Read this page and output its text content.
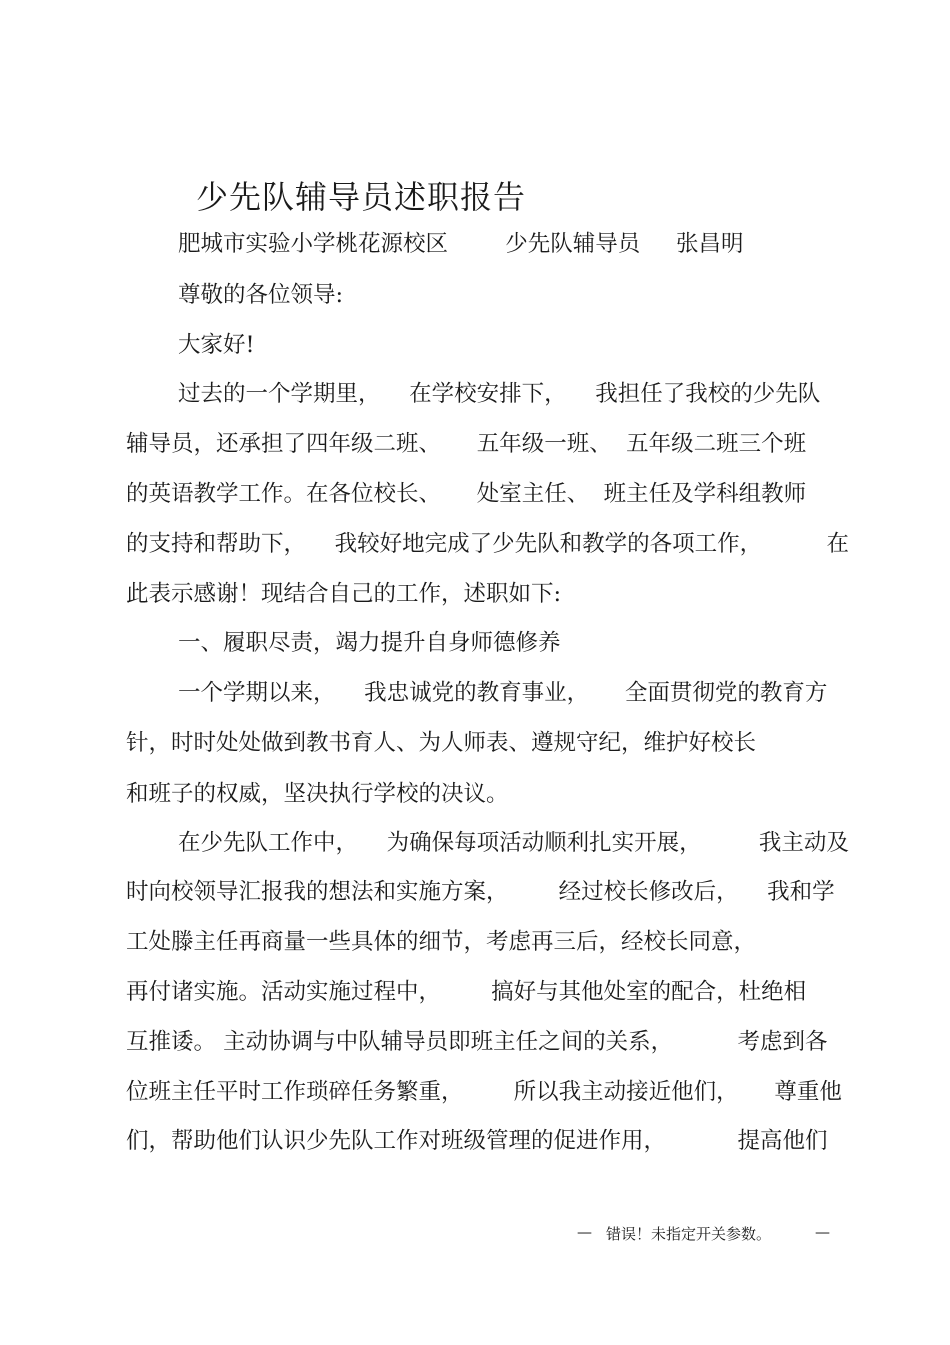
少先队辅导员述职报告
肥城市实验小学桃花源校区        少先队辅导员     张昌明
尊敬的各位领导:
大家好!
过去的一个学期里，    在学校安排下，    我担任了我校的少先队
辅导员，还承担了四年级二班、     五年级一班、  五年级二班三个班
的英语教学工作。在各位校长、     处室主任、  班主任及学科组教师
的支持和帮助下，    我较好地完成了少先队和教学的各项工作，         在
此表示感谢！现结合自己的工作，述职如下:
一、履职尽责，竭力提升自身师德修养
一个学期以来，    我忠诚党的教育事业，     全面贯彻党的教育方
针，时时处处做到教书育人、为人师表、遵规守纪，维护好校长
和班子的权威，坚决执行学校的决议。
在少先队工作中，    为确保每项活动顺利扎实开展，        我主动及
时向校领导汇报我的想法和实施方案，       经过校长修改后，    我和学
工处滕主任再商量一些具体的细节，考虑再三后，经校长同意，
再付诸实施。活动实施过程中，       搞好与其他处室的配合，杜绝相
互推诿。 主动协调与中队辅导员即班主任之间的关系，         考虑到各
位班主任平时工作琐碎任务繁重，       所以我主动接近他们，     尊重他
们，帮助他们认识少先队工作对班级管理的促进作用，          提高他们
— 错误！未指定开关参数。	—
